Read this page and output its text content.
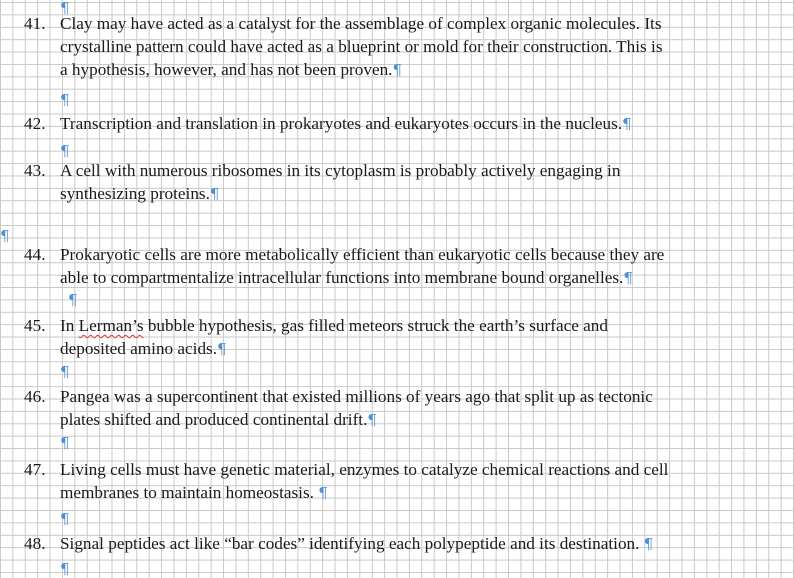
¶
¶
¶
¶
¶
¶
¶
¶
¶
41. Clay may have acted as a catalyst for the assemblage of complex organic molecules. Its
crystalline pattern could have acted as a blueprint or mold for their construction. This is
a hypothesis, however, and has not been proven.¶
42. Transcription and translation in prokaryotes and eukaryotes occurs in the nucleus.¶
43. A cell with numerous ribosomes in its cytoplasm is probably actively engaging in
synthesizing proteins.¶
44. Prokaryotic cells are more metabolically efficient than eukaryotic cells because they are
able to compartmentalize intracellular functions into membrane bound organelles.¶
45. In Lerman’s bubble hypothesis, gas filled meteors struck the earth’s surface and
deposited amino acids.¶
46. Pangea was a supercontinent that existed millions of years ago that split up as tectonic
plates shifted and produced continental drift.¶
47. Living cells must have genetic material, enzymes to catalyze chemical reactions and cell
membranes to maintain homeostasis. ¶
48. Signal peptides act like “bar codes” identifying each polypeptide and its destination. ¶
